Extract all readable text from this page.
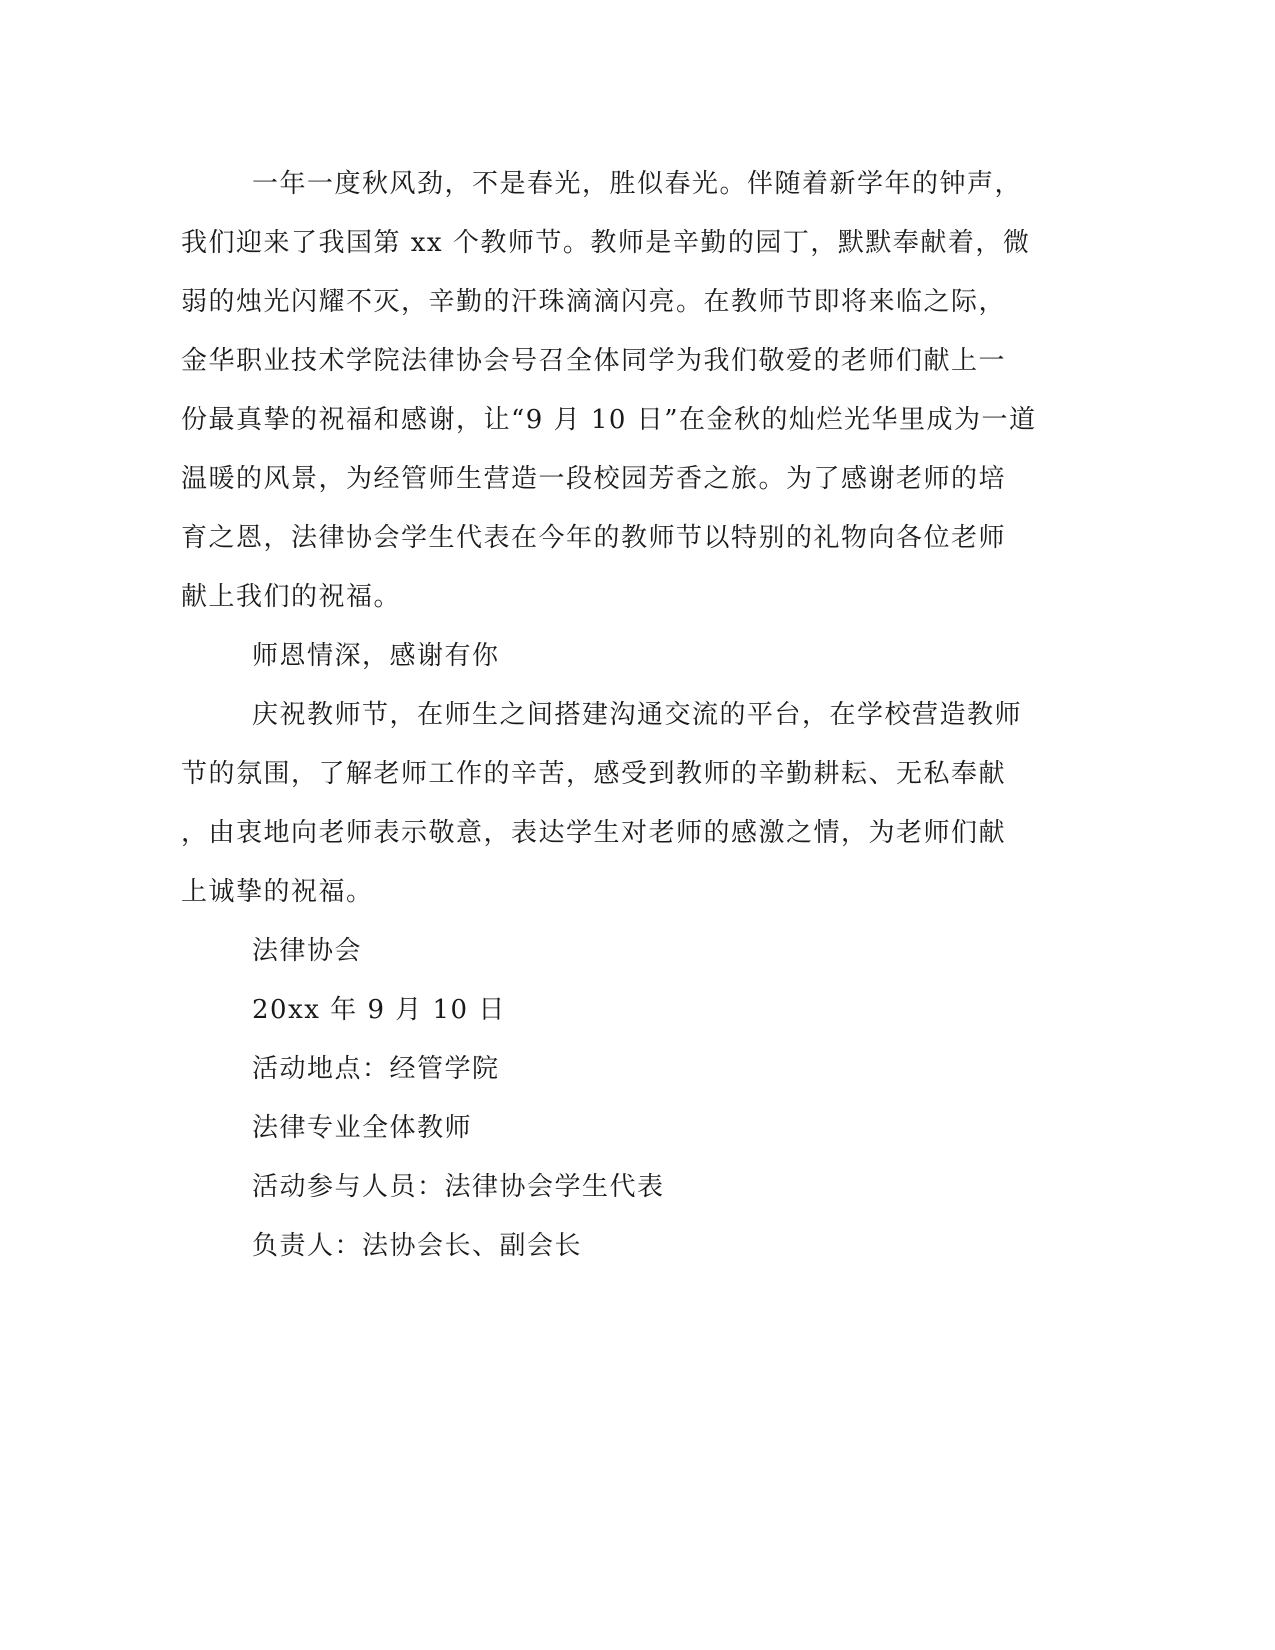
一年一度秋风劲，不是春光，胜似春光。伴随着新学年的钟声，
我们迎来了我国第 xx 个教师节。教师是辛勤的园丁，默默奉献着，微
弱的烛光闪耀不灭，辛勤的汗珠滴滴闪亮。在教师节即将来临之际，
金华职业技术学院法律协会号召全体同学为我们敬爱的老师们献上一
份最真挚的祝福和感谢，让“9 月 10 日”在金秋的灿烂光华里成为一道
温暖的风景，为经管师生营造一段校园芳香之旅。为了感谢老师的培
育之恩，法律协会学生代表在今年的教师节以特别的礼物向各位老师
献上我们的祝福。
师恩情深，感谢有你
庆祝教师节，在师生之间搭建沟通交流的平台，在学校营造教师
节的氛围，了解老师工作的辛苦，感受到教师的辛勤耕耘、无私奉献
，由衷地向老师表示敬意，表达学生对老师的感激之情，为老师们献
上诚挚的祝福。
法律协会
20xx 年 9 月 10 日
活动地点：经管学院
法律专业全体教师
活动参与人员：法律协会学生代表
负责人：法协会长、副会长
